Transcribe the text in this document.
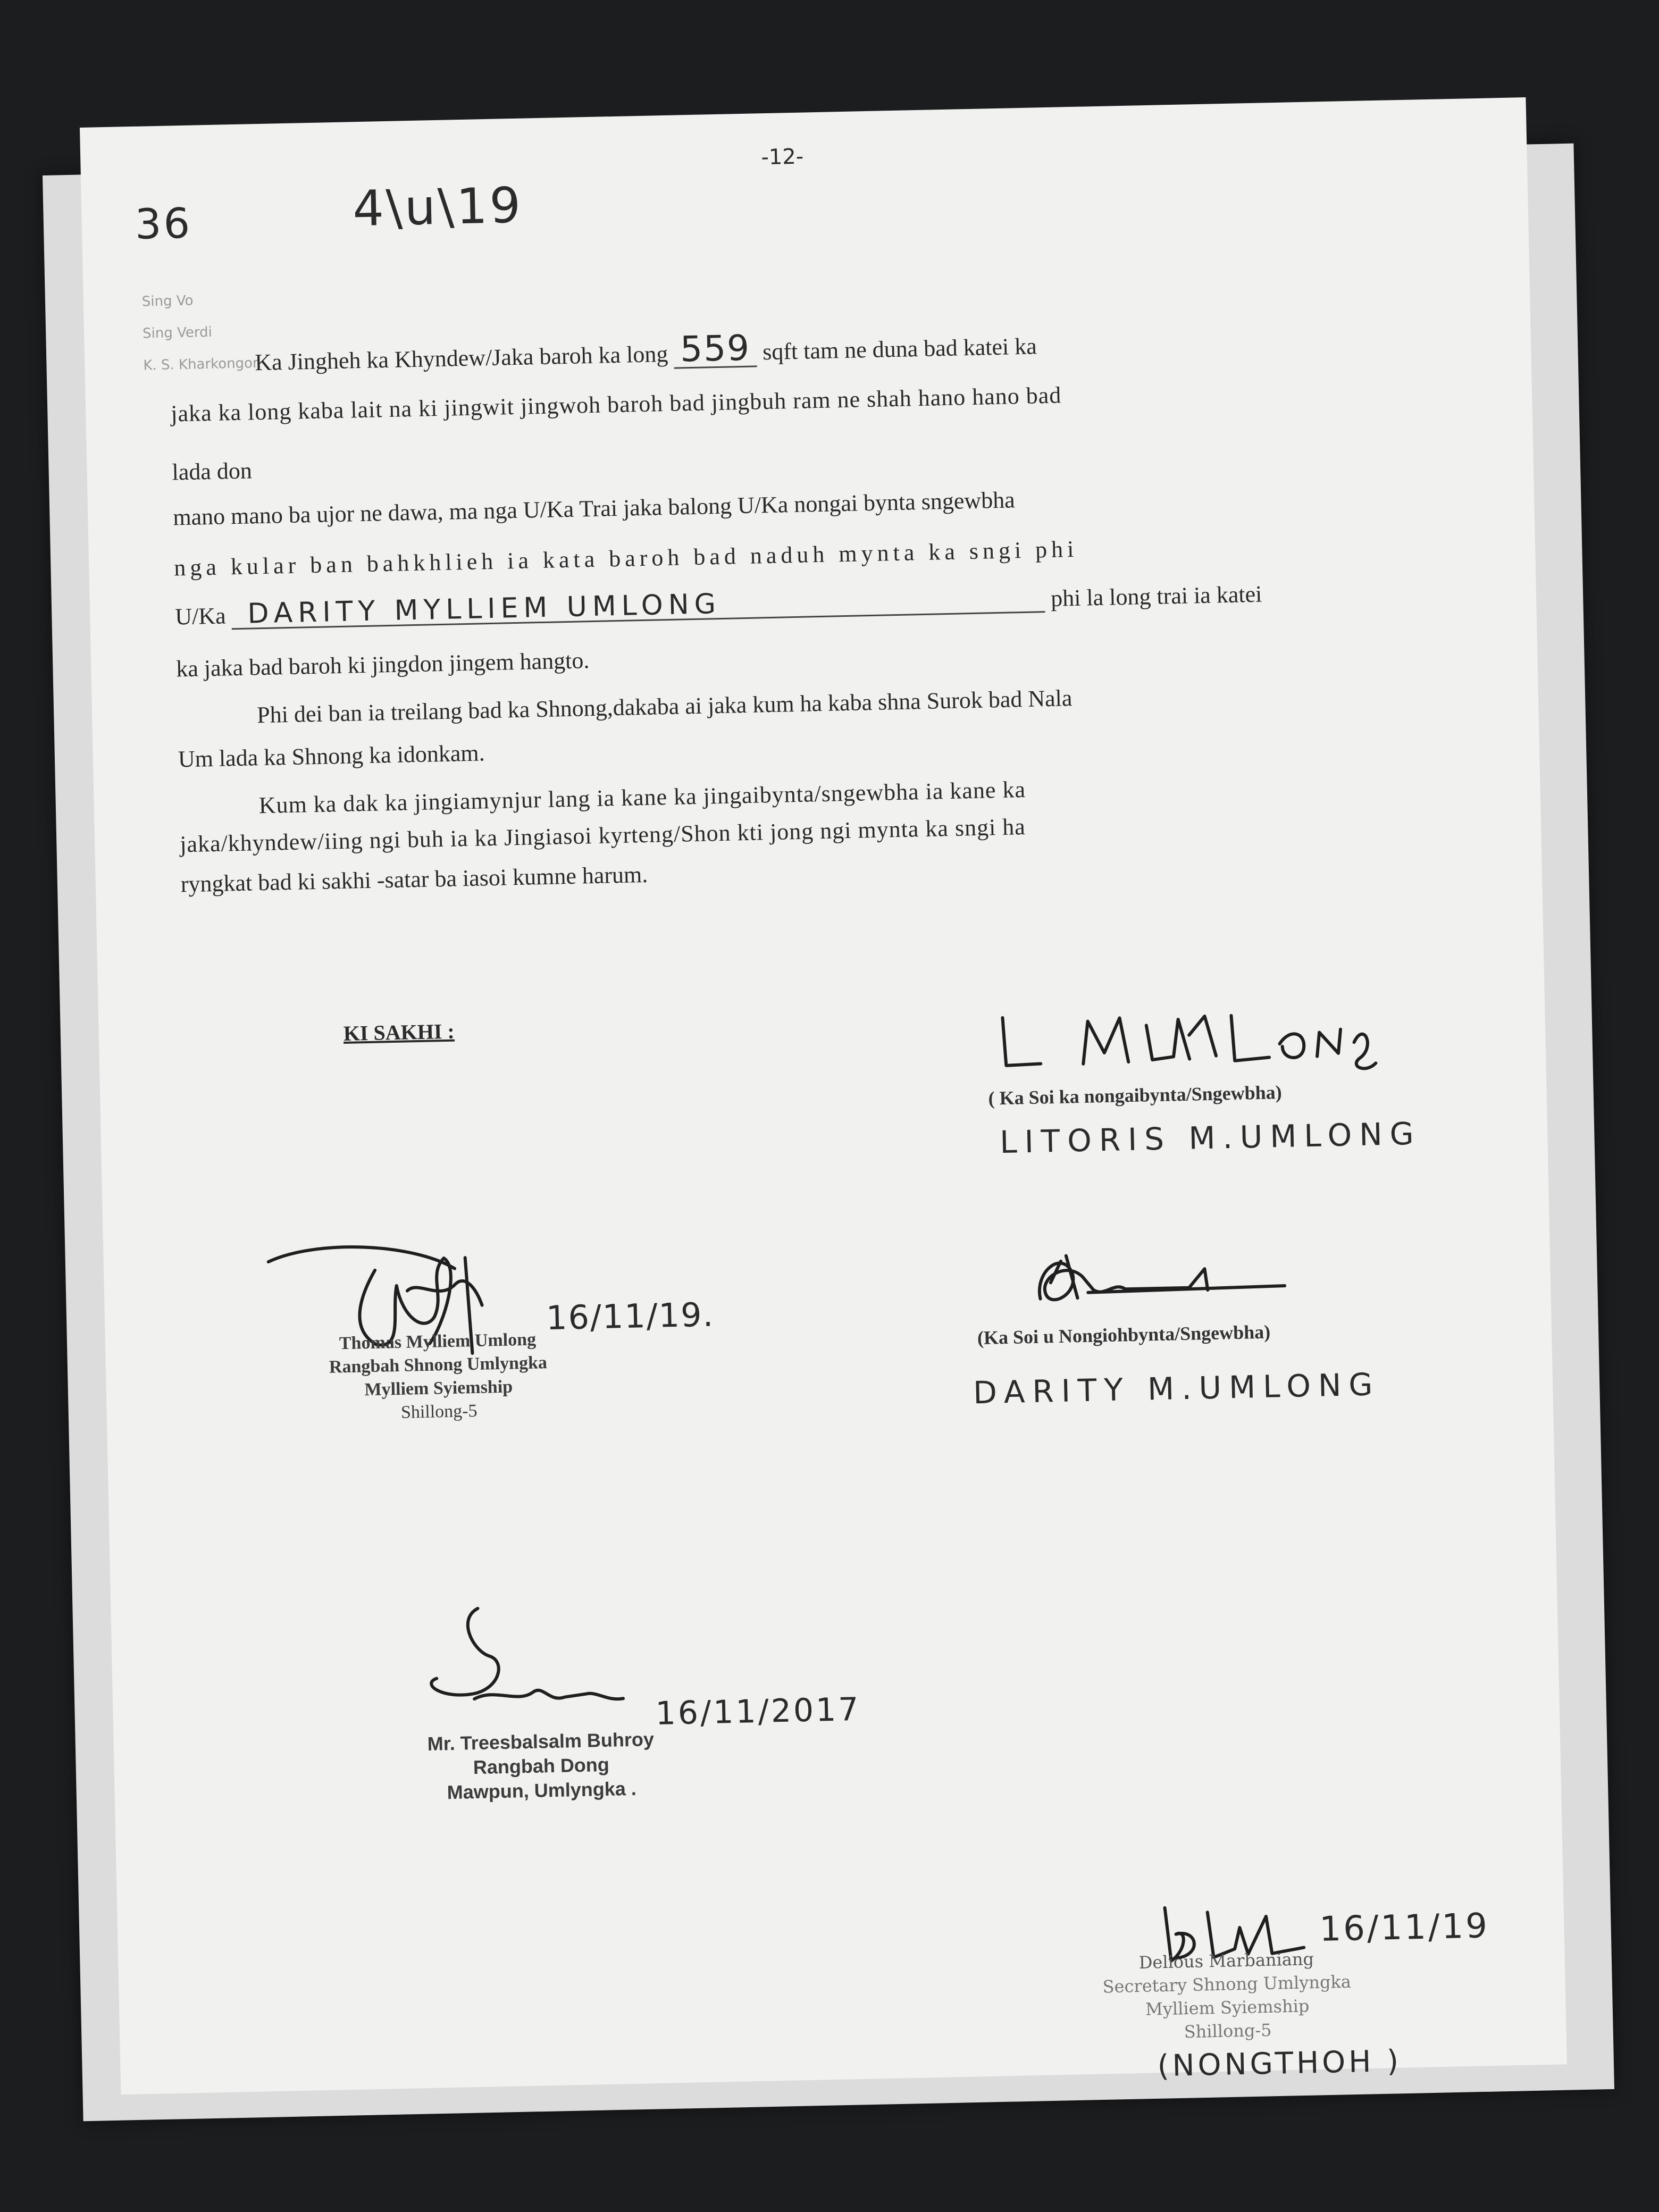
-12-
36	4\u\19
Sing Vo
Sing Verdi
K. S. Kharkongor
Ka Jingheh ka Khyndew/Jaka baroh ka long 559 sqft tam ne duna bad katei ka
jaka ka long kaba lait na ki jingwit jingwoh baroh bad jingbuh ram ne shah hano hano bad
lada don
mano mano ba ujor ne dawa, ma nga U/Ka Trai jaka balong U/Ka nongai bynta sngewbha
nga kular ban bahkhlieh ia kata baroh bad naduh mynta ka sngi phi
U/Ka DARITY MYLLIEM UMLONG	phi la long trai ia katei
ka jaka bad baroh ki jingdon jingem hangto.
Phi dei ban ia treilang bad ka Shnong,dakaba ai jaka kum ha kaba shna Surok bad Nala
Um lada ka Shnong ka idonkam.
Kum ka dak ka jingiamynjur lang ia kane ka jingaibynta/sngewbha ia kane ka
jaka/khyndew/iing ngi buh ia ka Jingiasoi kyrteng/Shon kti jong ngi mynta ka sngi ha
ryngkat bad ki sakhi -satar ba iasoi kumne harum.
KI SAKHI :
( Ka Soi ka nongaibynta/Sngewbha)
LITORIS M.UMLONG
(Ka Soi u Nongiohbynta/Sngewbha)
DARITY M.UMLONG
16/11/19.
Thomas Mylliem Umlong
Rangbah Shnong Umlyngka
Mylliem Syiemship
Shillong-5
16/11/2017
Mr. Treesbalsalm Buhroy
Rangbah Dong
Mawpun, Umlyngka .
16/11/19
Delious Marbaniang
Secretary Shnong Umlyngka
Mylliem Syiemship
Shillong-5
(NONGTHOH )
